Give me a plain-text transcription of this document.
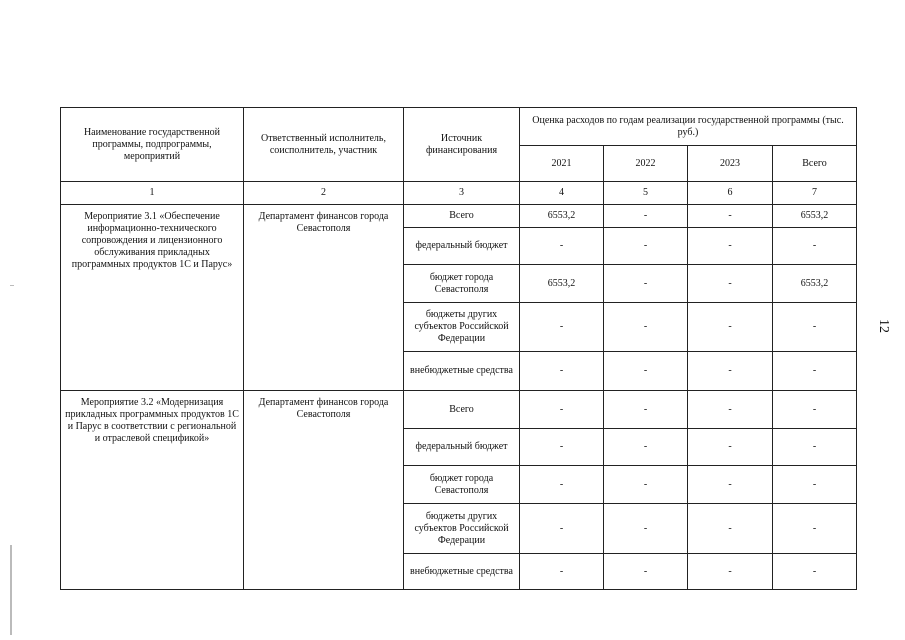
Наименование государственной программы, подпрограммы, мероприятий	Ответственный исполнитель, соисполнитель, участник	Источник финансирования	Оценка расходов по годам реализации государственной программы (тыс. руб.)			
			2021	2022	2023	Всего
1	2	3	4	5	6	7
Мероприятие 3.1 «Обеспечение информационно-технического сопровождения и лицензионного обслуживания прикладных программных продуктов 1С и Парус»	Департамент финансов города Севастополя	Всего	6553,2	-	-	6553,2
		федеральный бюджет	-	-	-	-
		бюджет города Севастополя	6553,2	-	-	6553,2
		бюджеты других субъектов Российской Федерации	-	-	-	-
		внебюджетные средства	-	-	-	-
Мероприятие 3.2 «Модернизация прикладных программных продуктов 1С и Парус в соответствии с региональной и отраслевой спецификой»	Департамент финансов города Севастополя	Всего	-	-	-	-
		федеральный бюджет	-	-	-	-
		бюджет города Севастополя	-	-	-	-
		бюджеты других субъектов Российской Федерации	-	-	-	-
		внебюджетные средства	-	-	-	-
12
